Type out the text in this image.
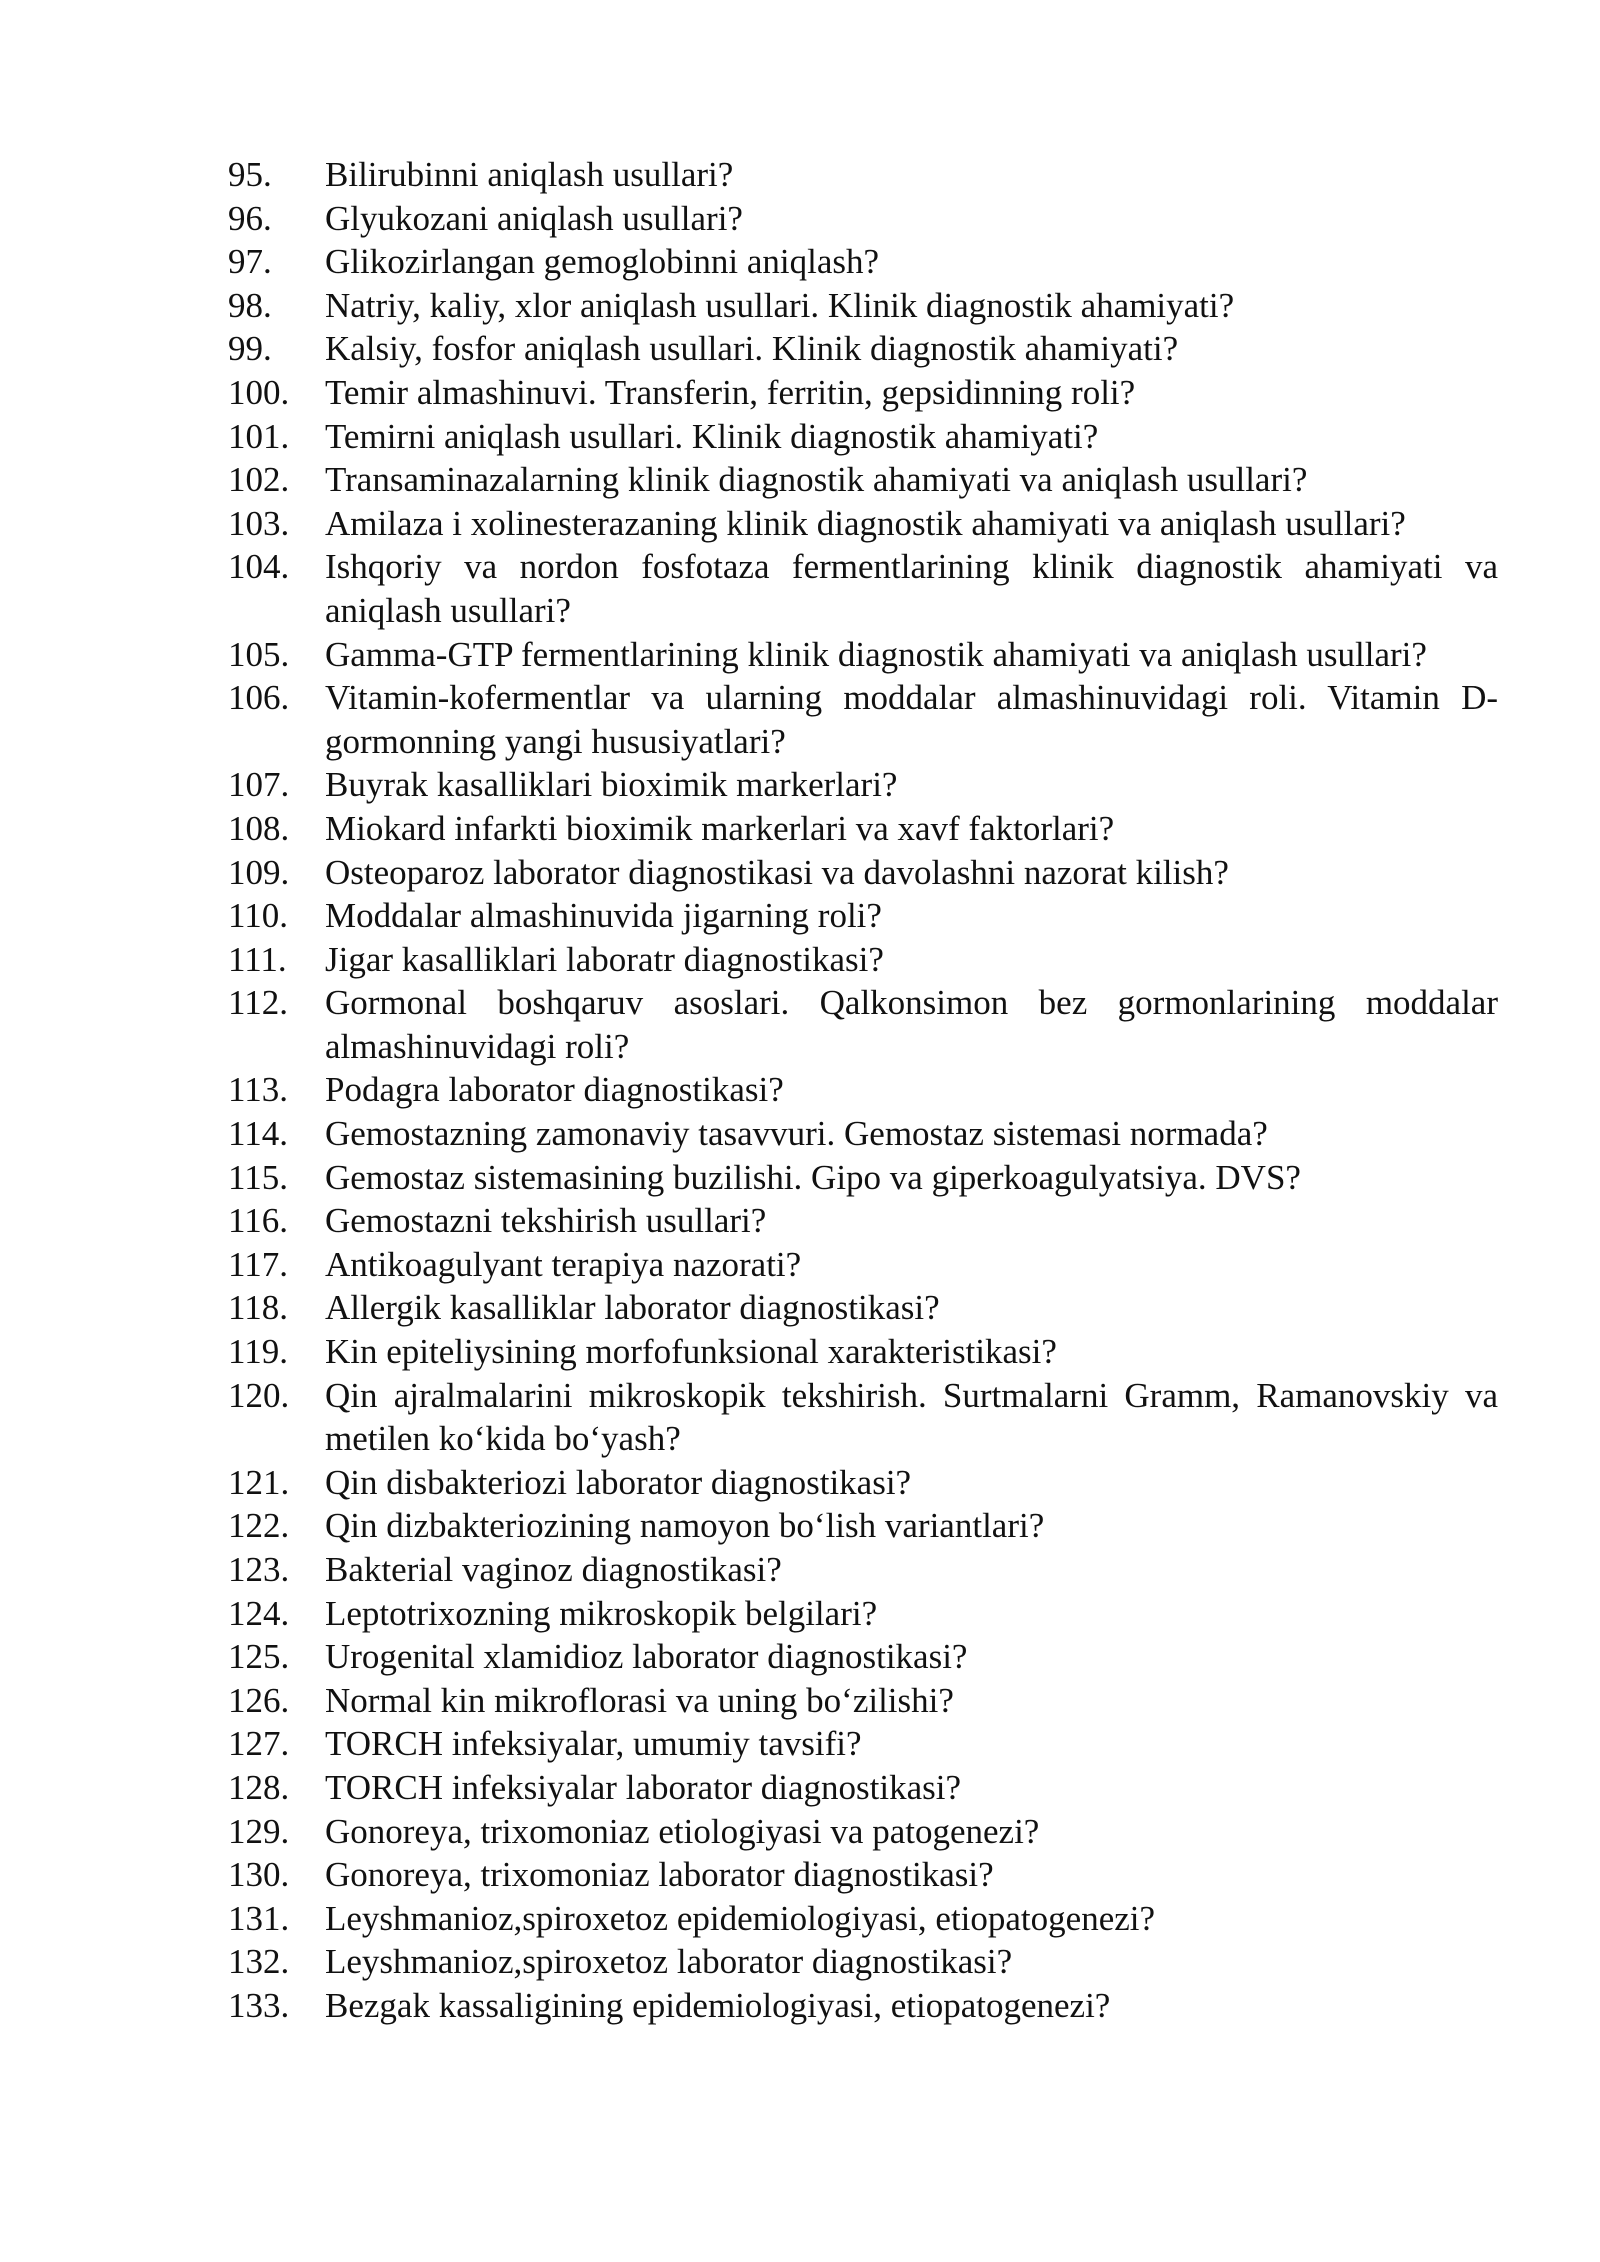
95.	Bilirubinni aniqlash usullari?
96.	Glyukozani aniqlash usullari?
97.	Glikozirlangan gemoglobinni aniqlash?
98.	Natriy, kaliy, xlor aniqlash usullari. Klinik diagnostik ahamiyati?
99.	Kalsiy, fosfor aniqlash usullari. Klinik diagnostik ahamiyati?
100.	Temir almashinuvi. Transferin, ferritin, gepsidinning roli?
101.	Temirni aniqlash usullari. Klinik diagnostik ahamiyati?
102.	Transaminazalarning klinik diagnostik ahamiyati va aniqlash usullari?
103.	Amilaza i xolinesterazaning klinik diagnostik ahamiyati va aniqlash usullari?
104.	Ishqoriy va nordon fosfotaza fermentlarining klinik diagnostik ahamiyati va aniqlash usullari?
105.	Gamma-GTP fermentlarining klinik diagnostik ahamiyati va aniqlash usullari?
106.	Vitamin-kofermentlar va ularning moddalar almashinuvidagi roli. Vitamin D-gormonning yangi hususiyatlari?
107.	Buyrak kasalliklari bioximik markerlari?
108.	Miokard infarkti bioximik markerlari va xavf faktorlari?
109.	Osteoparoz laborator diagnostikasi va davolashni nazorat kilish?
110.	Moddalar almashinuvida jigarning roli?
111.	Jigar kasalliklari laboratr diagnostikasi?
112.	Gormonal boshqaruv asoslari. Qalkonsimon bez gormonlarining moddalar almashinuvidagi roli?
113.	Podagra laborator diagnostikasi?
114.	Gemostazning zamonaviy tasavvuri. Gemostaz sistemasi normada?
115.	Gemostaz sistemasining buzilishi. Gipo va giperkoagulyatsiya. DVS?
116.	Gemostazni tekshirish usullari?
117.	Antikoagulyant terapiya nazorati?
118.	Allergik kasalliklar laborator diagnostikasi?
119.	Kin epiteliysining morfofunksional xarakteristikasi?
120.	Qin ajralmalarini mikroskopik tekshirish. Surtmalarni Gramm, Ramanovskiy va metilen ko‘kida bo‘yash?
121.	Qin disbakteriozi laborator diagnostikasi?
122.	Qin dizbakteriozining namoyon bo‘lish variantlari?
123.	Bakterial vaginoz diagnostikasi?
124.	Leptotrixozning mikroskopik belgilari?
125.	Urogenital xlamidioz laborator diagnostikasi?
126.	Normal kin mikroflorasi va uning bo‘zilishi?
127.	TORCH infeksiyalar, umumiy tavsifi?
128.	TORCH infeksiyalar laborator diagnostikasi?
129.	Gonoreya, trixomoniaz etiologiyasi va patogenezi?
130.	Gonoreya, trixomoniaz laborator diagnostikasi?
131.	Leyshmanioz,spiroxetoz epidemiologiyasi, etiopatogenezi?
132.	Leyshmanioz,spiroxetoz laborator diagnostikasi?
133.	Bezgak kassaligining epidemiologiyasi, etiopatogenezi?
